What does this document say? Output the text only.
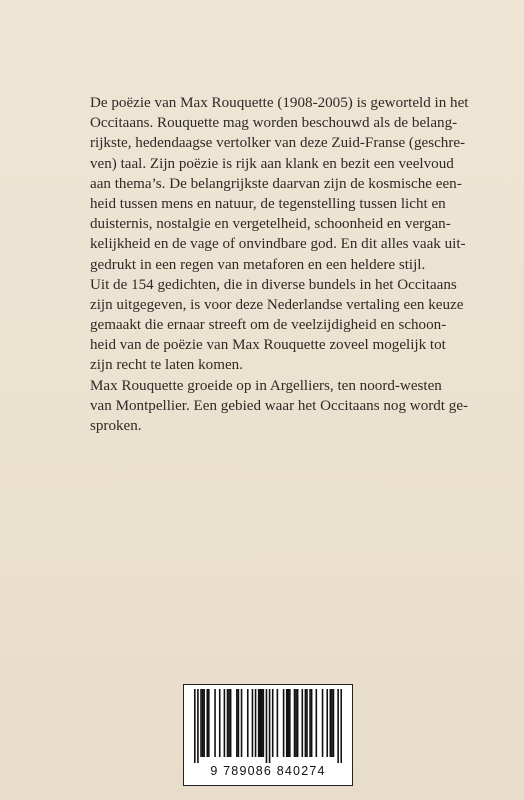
De poëzie van Max Rouquette (1908-2005) is geworteld in het
Occitaans. Rouquette mag worden beschouwd als de belang-
rijkste, hedendaagse vertolker van deze Zuid-Franse (geschre-
ven) taal. Zijn poëzie is rijk aan klank en bezit een veelvoud
aan thema’s. De belangrijkste daarvan zijn de kosmische een-
heid tussen mens en natuur, de tegenstelling tussen licht en
duisternis, nostalgie en vergetelheid, schoonheid en vergan-
kelijkheid en de vage of onvindbare god. En dit alles vaak uit-
gedrukt in een regen van metaforen en een heldere stijl.
Uit de 154 gedichten, die in diverse bundels in het Occitaans
zijn uitgegeven, is voor deze Nederlandse vertaling een keuze
gemaakt die ernaar streeft om de veelzijdigheid en schoon-
heid van de poëzie van Max Rouquette zoveel mogelijk tot
zijn recht te laten komen.
Max Rouquette groeide op in Argelliers, ten noord-westen
van Montpellier. Een gebied waar het Occitaans nog wordt ge-
sproken.
9 789086 840274
